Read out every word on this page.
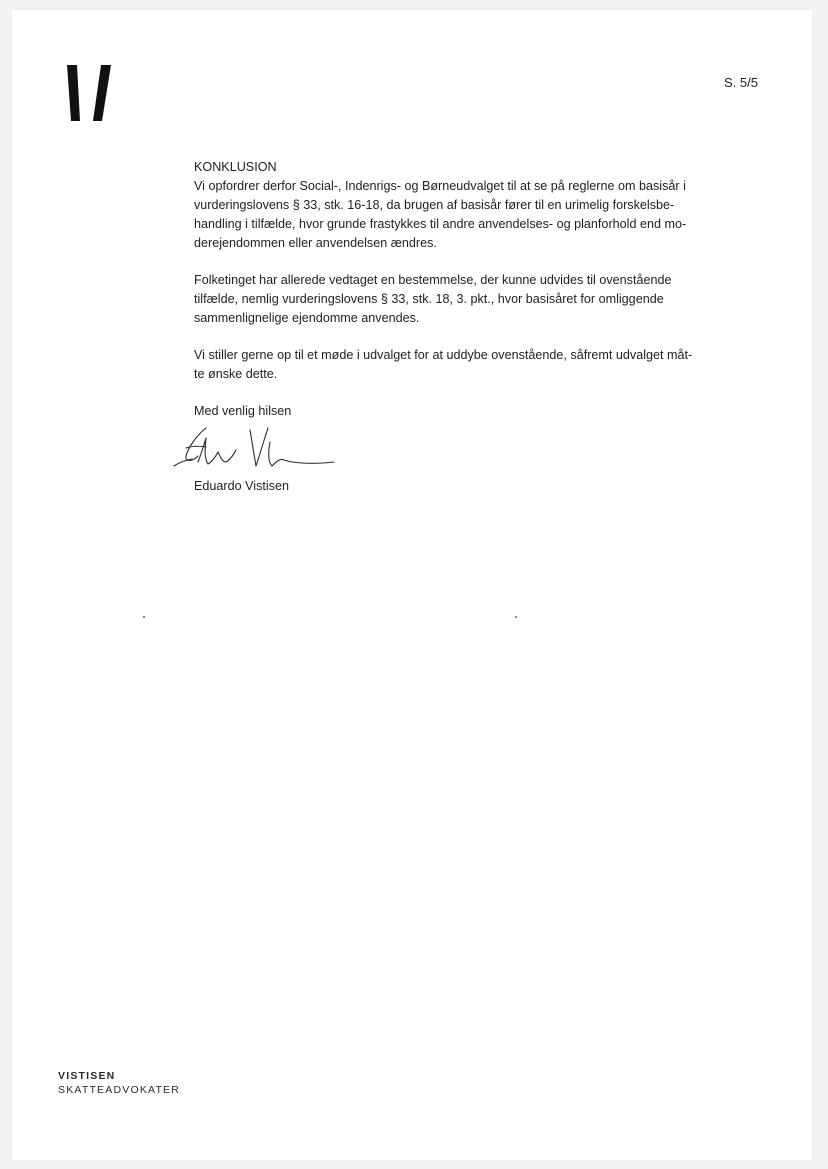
S. 5/5
KONKLUSION
Vi opfordrer derfor Social-, Indenrigs- og Børneudvalget til at se på reglerne om basisår i
vurderingslovens § 33, stk. 16-18, da brugen af basisår fører til en urimelig forskelsbe-
handling i tilfælde, hvor grunde frastykkes til andre anvendelses- og planforhold end mo-
derejendommen eller anvendelsen ændres.
Folketinget har allerede vedtaget en bestemmelse, der kunne udvides til ovenstående
tilfælde, nemlig vurderingslovens § 33, stk. 18, 3. pkt., hvor basisåret for omliggende
sammenlignelige ejendomme anvendes.
Vi stiller gerne op til et møde i udvalget for at uddybe ovenstående, såfremt udvalget måt-
te ønske dette.
Med venlig hilsen
Eduardo Vistisen
VISTISEN
SKATTEADVOKATER
